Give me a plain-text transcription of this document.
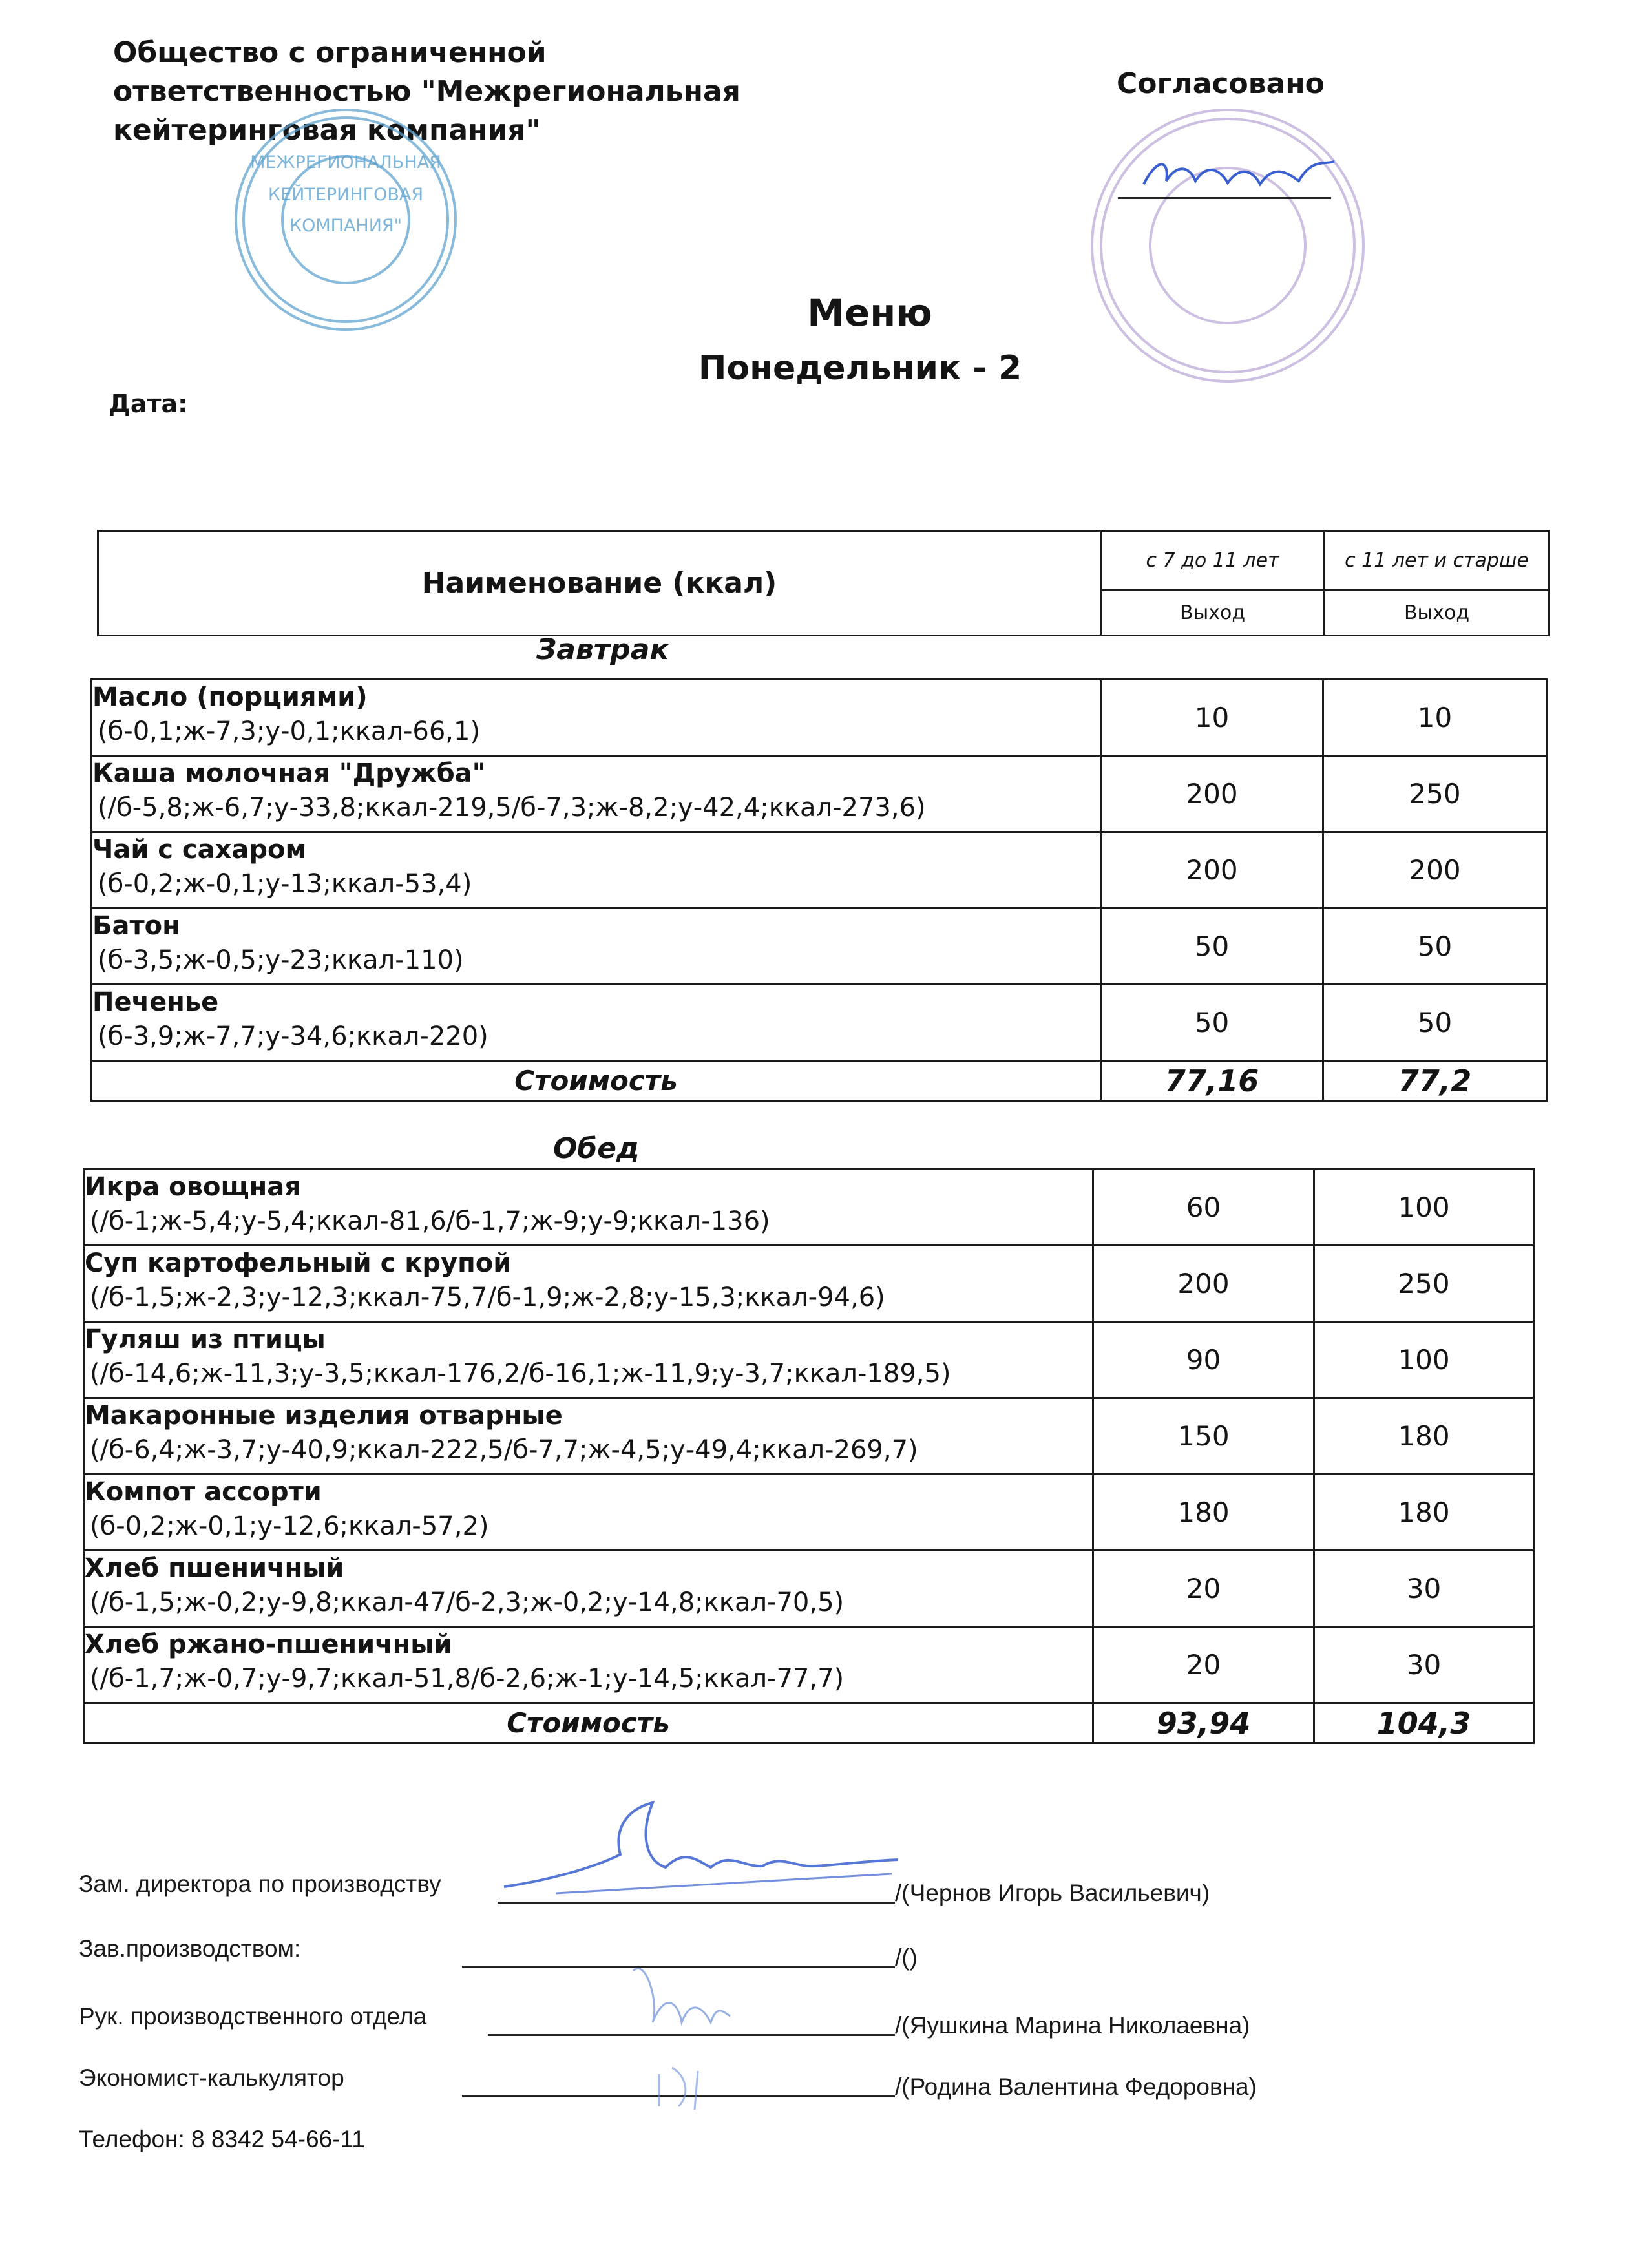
Общество с ограниченной
ответственностью "Межрегиональная
кейтеринговая компания"
МЕЖРЕГИОНАЛЬНАЯ
КЕЙТЕРИНГОВАЯ
КОМПАНИЯ"
Согласовано
Меню
Понедельник - 2
Дата:
Наименование (ккал)	с 7 до 11 лет	с 11 лет и старше
	Выход	Выход
Завтрак
Масло (порциями)
(б-0,1;ж-7,3;у-0,1;ккал-66,1)	10	10

Каша молочная "Дружба"
(/б-5,8;ж-6,7;у-33,8;ккал-219,5/б-7,3;ж-8,2;у-42,4;ккал-273,6)	200	250

Чай с сахаром
(б-0,2;ж-0,1;у-13;ккал-53,4)	200	200

Батон
(б-3,5;ж-0,5;у-23;ккал-110)	50	50

Печенье
(б-3,9;ж-7,7;у-34,6;ккал-220)	50	50
Стоимость	77,16	77,2
Обед
Икра овощная
(/б-1;ж-5,4;у-5,4;ккал-81,6/б-1,7;ж-9;у-9;ккал-136)	60	100

Суп картофельный с крупой
(/б-1,5;ж-2,3;у-12,3;ккал-75,7/б-1,9;ж-2,8;у-15,3;ккал-94,6)	200	250

Гуляш из птицы
(/б-14,6;ж-11,3;у-3,5;ккал-176,2/б-16,1;ж-11,9;у-3,7;ккал-189,5)	90	100

Макаронные изделия отварные
(/б-6,4;ж-3,7;у-40,9;ккал-222,5/б-7,7;ж-4,5;у-49,4;ккал-269,7)	150	180

Компот ассорти
(б-0,2;ж-0,1;у-12,6;ккал-57,2)	180	180

Хлеб пшеничный
(/б-1,5;ж-0,2;у-9,8;ккал-47/б-2,3;ж-0,2;у-14,8;ккал-70,5)	20	30

Хлеб ржано-пшеничный
(/б-1,7;ж-0,7;у-9,7;ккал-51,8/б-2,6;ж-1;у-14,5;ккал-77,7)	20	30
Стоимость	93,94	104,3
Зам. директора по производству	/(Чернов Игорь Васильевич)
Зав.производством:	/()
Рук. производственного отдела	/(Яушкина Марина Николаевна)
Экономист-калькулятор	/(Родина Валентина Федоровна)
Телефон: 8 8342 54-66-11
